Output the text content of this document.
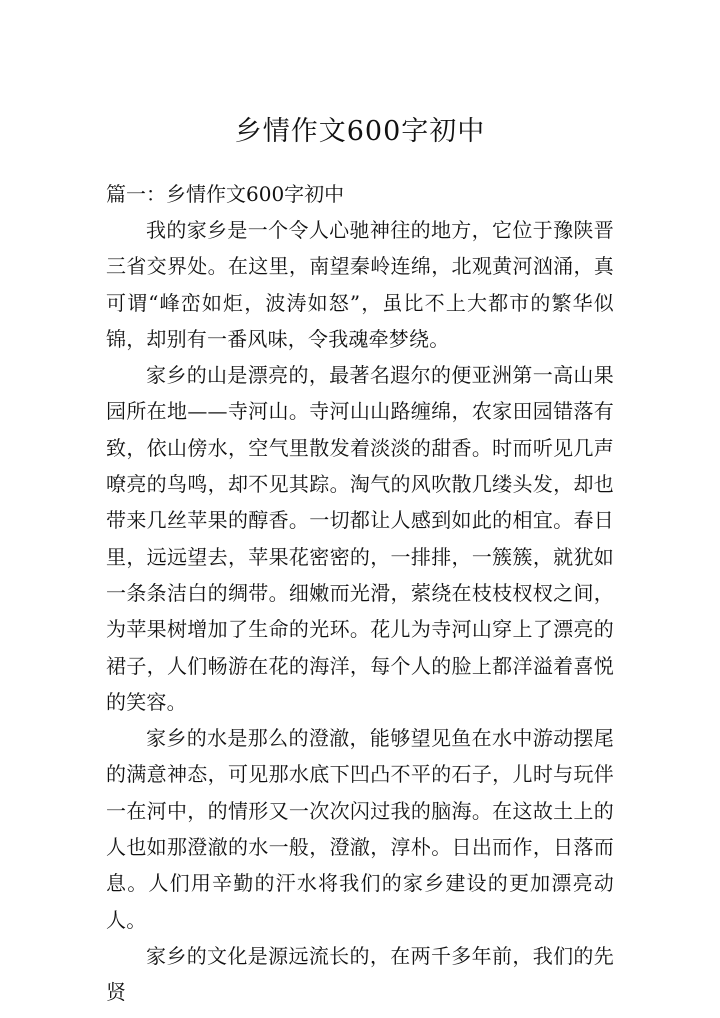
乡情作文600字初中

篇一：乡情作文600字初中

我的家乡是一个令人心驰神往的地方，它位于豫陕晋三省交界处。在这里，南望秦岭连绵，北观黄河汹涌，真可谓“峰峦如炬，波涛如怒”，虽比不上大都市的繁华似锦，却别有一番风味，令我魂牵梦绕。

家乡的山是漂亮的，最著名遐尔的便亚洲第一高山果园所在地——寺河山。寺河山山路缠绵，农家田园错落有致，依山傍水，空气里散发着淡淡的甜香。时而听见几声嘹亮的鸟鸣，却不见其踪。淘气的风吹散几缕头发，却也带来几丝苹果的醇香。一切都让人感到如此的相宜。春日里，远远望去，苹果花密密的，一排排，一簇簇，就犹如一条条洁白的绸带。细嫩而光滑，萦绕在枝枝杈杈之间，为苹果树增加了生命的光环。花儿为寺河山穿上了漂亮的裙子，人们畅游在花的海洋，每个人的脸上都洋溢着喜悦的笑容。

家乡的水是那么的澄澈，能够望见鱼在水中游动摆尾的满意神态，可见那水底下凹凸不平的石子，儿时与玩伴一在河中，的情形又一次次闪过我的脑海。在这故土上的人也如那澄澈的水一般，澄澈，淳朴。日出而作，日落而息。人们用辛勤的汗水将我们的家乡建设的更加漂亮动人。

家乡的文化是源远流长的，在两千多年前，我们的先贤
